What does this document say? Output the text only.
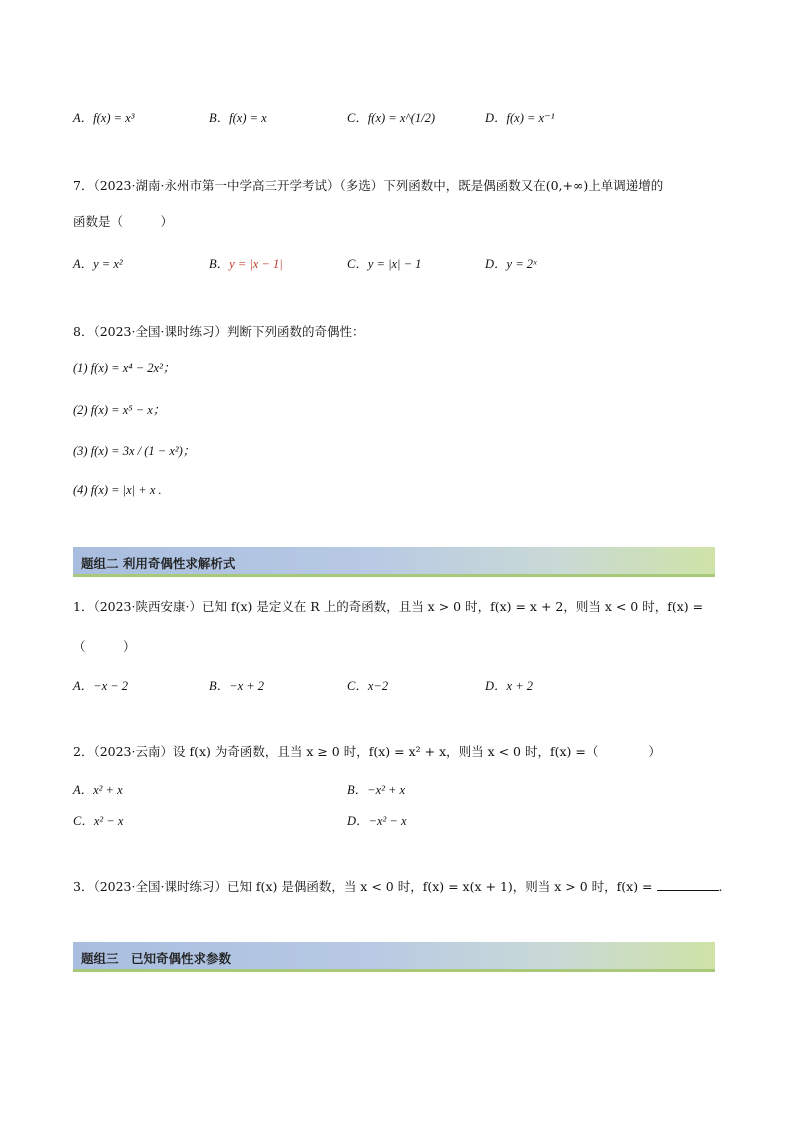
A．f(x) = x³	B．f(x) = x	C．f(x) = x^(1/2)	D．f(x) = x⁻¹
7．（2023·湖南·永州市第一中学高三开学考试）（多选）下列函数中，既是偶函数又在(0,+∞)上单调递增的
函数是（　　　）
A．y = x²	B．y = |x − 1|	C．y = |x| − 1	D．y = 2ˣ
8．（2023·全国·课时练习）判断下列函数的奇偶性：
(1) f(x) = x⁴ − 2x²；
(2) f(x) = x⁵ − x；
(3) f(x) = 3x / (1 − x²)；
(4) f(x) = |x| + x .
题组二 利用奇偶性求解析式
1．（2023·陕西安康·）已知 f(x) 是定义在 R 上的奇函数，且当 x > 0 时，f(x) = x + 2，则当 x < 0 时，f(x) =
（　　　）
A．−x − 2	B．−x + 2	C．x−2	D．x + 2
2．（2023·云南）设 f(x) 为奇函数，且当 x ≥ 0 时，f(x) = x² + x，则当 x < 0 时，f(x) =（　　　　）
A．x² + x	B．−x² + x
C．x² − x	D．−x² − x
3．（2023·全国·课时练习）已知 f(x) 是偶函数，当 x < 0 时，f(x) = x(x + 1)，则当 x > 0 时，f(x) =	.
题组三　已知奇偶性求参数
